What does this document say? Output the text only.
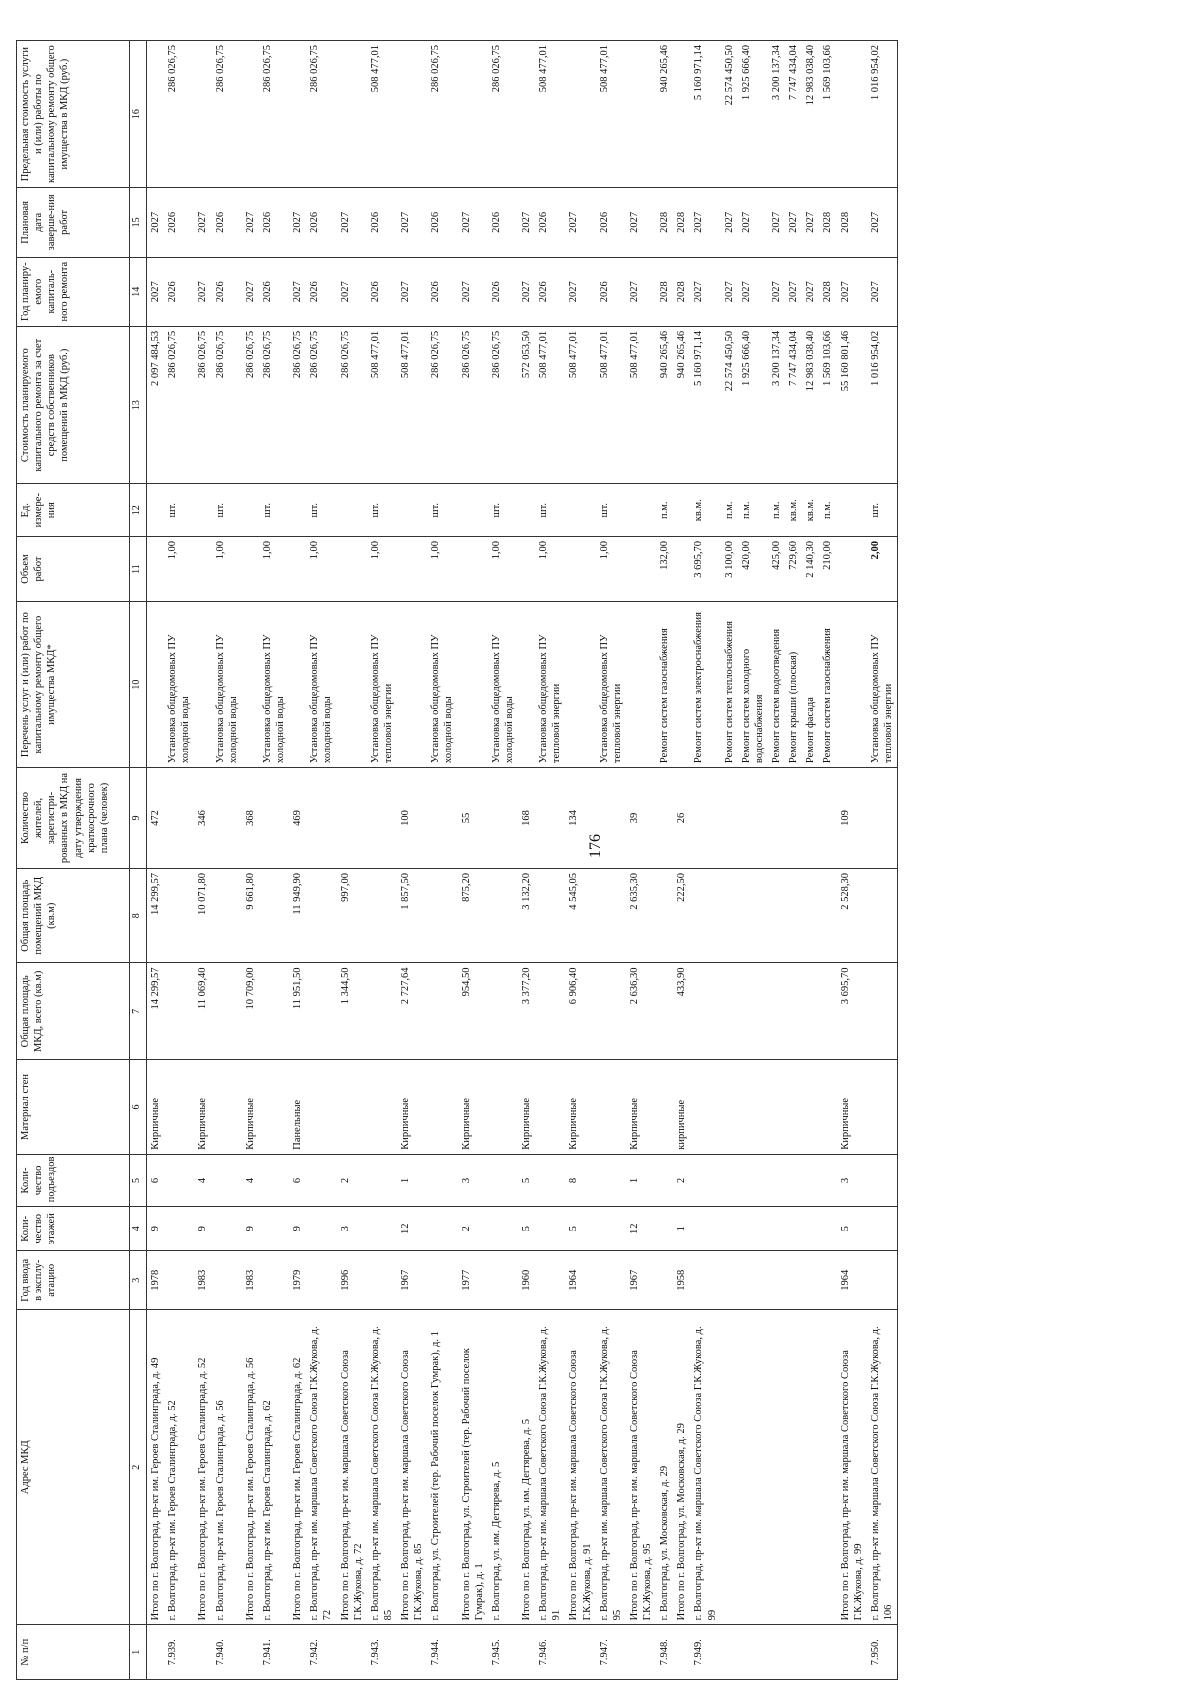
176
№ п/п	Адрес МКД	Год ввода в эксплу-атацию	Коли-чество этажей	Коли-чество подъездов	Материал стен	Общая площадь МКД, всего (кв.м)	Общая площадь помещений МКД (кв.м)	Количество жителей, зарегистри-рованных в МКД на дату утверждения краткосрочного плана (человек)	Перечень услуг и (или) работ по капитальному ремонту общего имущества МКД*	Объем работ	Ед. измере-ния	Стоимость планируемого капитального ремонта за счет средств собственников помещений в МКД (руб.)	Год планиру-емого капиталь-ного ремонта	Плановая дата заверше-ния работ	Предельная стоимость услуги и (или) работы по капитальному ремонту общего имущества в МКД (руб.)
1	2	3	4	5	6	7	8	9	10	11	12	13	14	15	16
	Итого по г. Волгоград, пр-кт им. Героев Сталинграда, д. 49	1978	9	6	Кирпичные	14 299,57	14 299,57	472				2 097 484,53	2027	2027	
7.939.	г. Волгоград, пр-кт им. Героев Сталинграда, д. 52								Установка общедомовых ПУ холодной воды	1,00	шт.	286 026,75	2026	2026	286 026,75
	Итого по г. Волгоград, пр-кт им. Героев Сталинграда, д. 52	1983	9	4	Кирпичные	11 069,40	10 071,80	346				286 026,75	2027	2027	
7.940.	г. Волгоград, пр-кт им. Героев Сталинграда, д. 56								Установка общедомовых ПУ холодной воды	1,00	шт.	286 026,75	2026	2026	286 026,75
	Итого по г. Волгоград, пр-кт им. Героев Сталинграда, д. 56	1983	9	4	Кирпичные	10 709,00	9 661,80	368				286 026,75	2027	2027	
7.941.	г. Волгоград, пр-кт им. Героев Сталинграда, д. 62								Установка общедомовых ПУ холодной воды	1,00	шт.	286 026,75	2026	2026	286 026,75
	Итого по г. Волгоград, пр-кт им. Героев Сталинграда, д. 62	1979	9	6	Панельные	11 951,50	11 949,90	469				286 026,75	2027	2027	
7.942.	г. Волгоград, пр-кт им. маршала Советского Союза Г.К.Жукова, д. 72								Установка общедомовых ПУ холодной воды	1,00	шт.	286 026,75	2026	2026	286 026,75
	Итого по г. Волгоград, пр-кт им. маршала Советского Союза Г.К.Жукова, д. 72	1996	3	2		1 344,50	997,00					286 026,75	2027	2027	
7.943.	г. Волгоград, пр-кт им. маршала Советского Союза Г.К.Жукова, д. 85								Установка общедомовых ПУ тепловой энергии	1,00	шт.	508 477,01	2026	2026	508 477,01
	Итого по г. Волгоград, пр-кт им. маршала Советского Союза Г.К.Жукова, д. 85	1967	12	1	Кирпичные	2 727,64	1 857,50	100				508 477,01	2027	2027	
7.944.	г. Волгоград, ул. Строителей (тер. Рабочий поселок Гумрак), д. 1								Установка общедомовых ПУ холодной воды	1,00	шт.	286 026,75	2026	2026	286 026,75
	Итого по г. Волгоград, ул. Строителей (тер. Рабочий поселок Гумрак), д. 1	1977	2	3	Кирпичные	954,50	875,20	55				286 026,75	2027	2027	
7.945.	г. Волгоград, ул. им. Дегтярева, д. 5								Установка общедомовых ПУ холодной воды	1,00	шт.	286 026,75	2026	2026	286 026,75
	Итого по г. Волгоград, ул. им. Дегтярева, д. 5	1960	5	5	Кирпичные	3 377,20	3 132,20	168				572 053,50	2027	2027	
7.946.	г. Волгоград, пр-кт им. маршала Советского Союза Г.К.Жукова, д. 91								Установка общедомовых ПУ тепловой энергии	1,00	шт.	508 477,01	2026	2026	508 477,01
	Итого по г. Волгоград, пр-кт им. маршала Советского Союза Г.К.Жукова, д. 91	1964	5	8	Кирпичные	6 906,40	4 545,05	134				508 477,01	2027	2027	
7.947.	г. Волгоград, пр-кт им. маршала Советского Союза Г.К.Жукова, д. 95								Установка общедомовых ПУ тепловой энергии	1,00	шт.	508 477,01	2026	2026	508 477,01
	Итого по г. Волгоград, пр-кт им. маршала Советского Союза Г.К.Жукова, д. 95	1967	12	1	Кирпичные	2 636,30	2 635,30	39				508 477,01	2027	2027	
7.948.	г. Волгоград, ул. Московская, д. 29								Ремонт систем газоснабжения	132,00	п.м.	940 265,46	2028	2028	940 265,46
	Итого по г. Волгоград, ул. Московская, д. 29	1958	1	2	кирпичные	433,90	222,50	26				940 265,46	2028	2028	
7.949.	г. Волгоград, пр-кт им. маршала Советского Союза Г.К.Жукова, д. 99								Ремонт систем электроснабжения	3 695,70	кв.м.	5 160 971,14	2027	2027	5 160 971,14
									Ремонт систем теплоснабжения	3 100,00	п.м.	22 574 450,50	2027	2027	22 574 450,50
									Ремонт систем холодного водоснабжения	420,00	п.м.	1 925 666,40	2027	2027	1 925 666,40
									Ремонт систем водоотведения	425,00	п.м.	3 200 137,34	2027	2027	3 200 137,34
									Ремонт крыши (плоская)	729,60	кв.м.	7 747 434,04	2027	2027	7 747 434,04
									Ремонт фасада	2 140,30	кв.м.	12 983 038,40	2027	2027	12 983 038,40
									Ремонт систем газоснабжения	210,00	п.м.	1 569 103,66	2028	2028	1 569 103,66
	Итого по г. Волгоград, пр-кт им. маршала Советского Союза Г.К.Жукова, д. 99	1964	5	3	Кирпичные	3 695,70	2 528,30	109				55 160 801,46	2027	2028	
7.950.	г. Волгоград, пр-кт им. маршала Советского Союза Г.К.Жукова, д. 106								Установка общедомовых ПУ тепловой энергии	2,00	шт.	1 016 954,02	2027	2027	1 016 954,02
